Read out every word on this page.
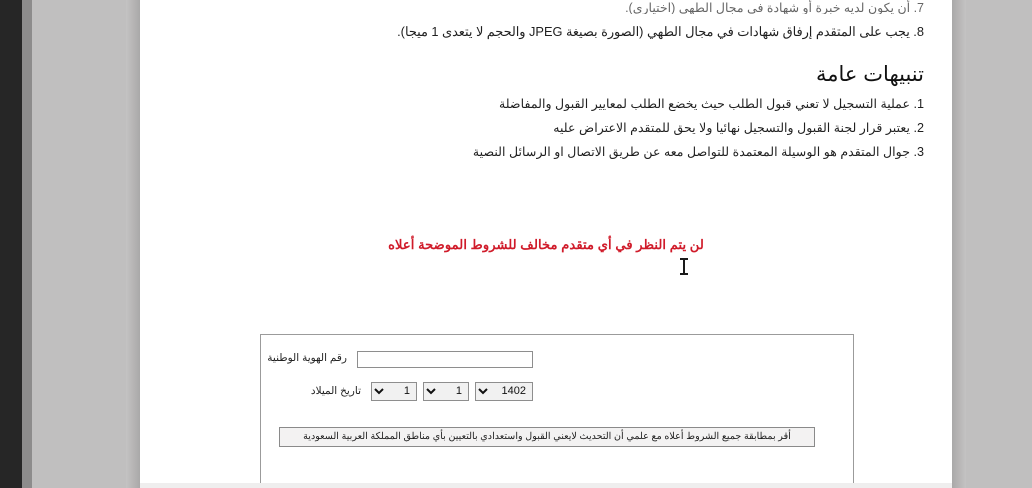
7. أن يكون لديه خبرة أو شهادة في مجال الطهي (اختياري).

8. يجب على المتقدم إرفاق شهادات في مجال الطهي (الصورة بصيغة JPEG والحجم لا يتعدى 1 ميجا).

تنبيهات عامة
1. عملية التسجيل لا تعني قبول الطلب حيث يخضع الطلب لمعايير القبول والمفاضلة
2. يعتبر قرار لجنة القبول والتسجيل نهائيا ولا يحق للمتقدم الاعتراض عليه
3. جوال المتقدم هو الوسيلة المعتمدة للتواصل معه عن طريق الاتصال او الرسائل النصية

لن يتم النظر في أي متقدم مخالف للشروط الموضحة أعلاه

رقم الهوية الوطنية
1402
1
1
تاريخ الميلاد
أقر بمطابقة جميع الشروط أعلاه مع علمي أن التحديث لايعني القبول واستعدادي بالتعيين بأي مناطق المملكة العربية السعودية
